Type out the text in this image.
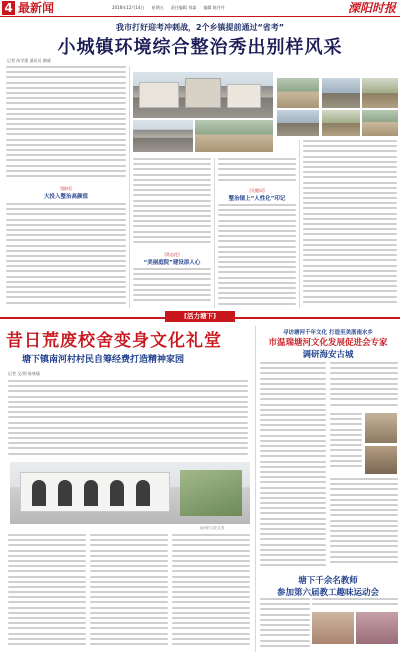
4 最新闻	2018年12月14日 星期五 责任编辑 刘淼 编辑 陈丹丹	溧阳时报
我市打好迎考冲刺战，2个乡镇提前通过“省考”
小城镇环境综合整治秀出别样风采
记者 芮学强 通讯员 阙威
[镇村]
大投入整治高颜值
[常态化]
“美丽庭院”建设添人心
[关键词]
整治镜上“人性化”印记
[活力塘下]
昔日荒废校舍变身文化礼堂
塘下镇南河村村民自筹经费打造精神家园
记者 文/图 陈康瑜
南河村文化礼堂
寻访塘河千年文化 打造至美浙南水乡
市温瑞塘河文化发展促进会专家
调研海安古城
塘下千余名教师
参加第六届教工趣味运动会
